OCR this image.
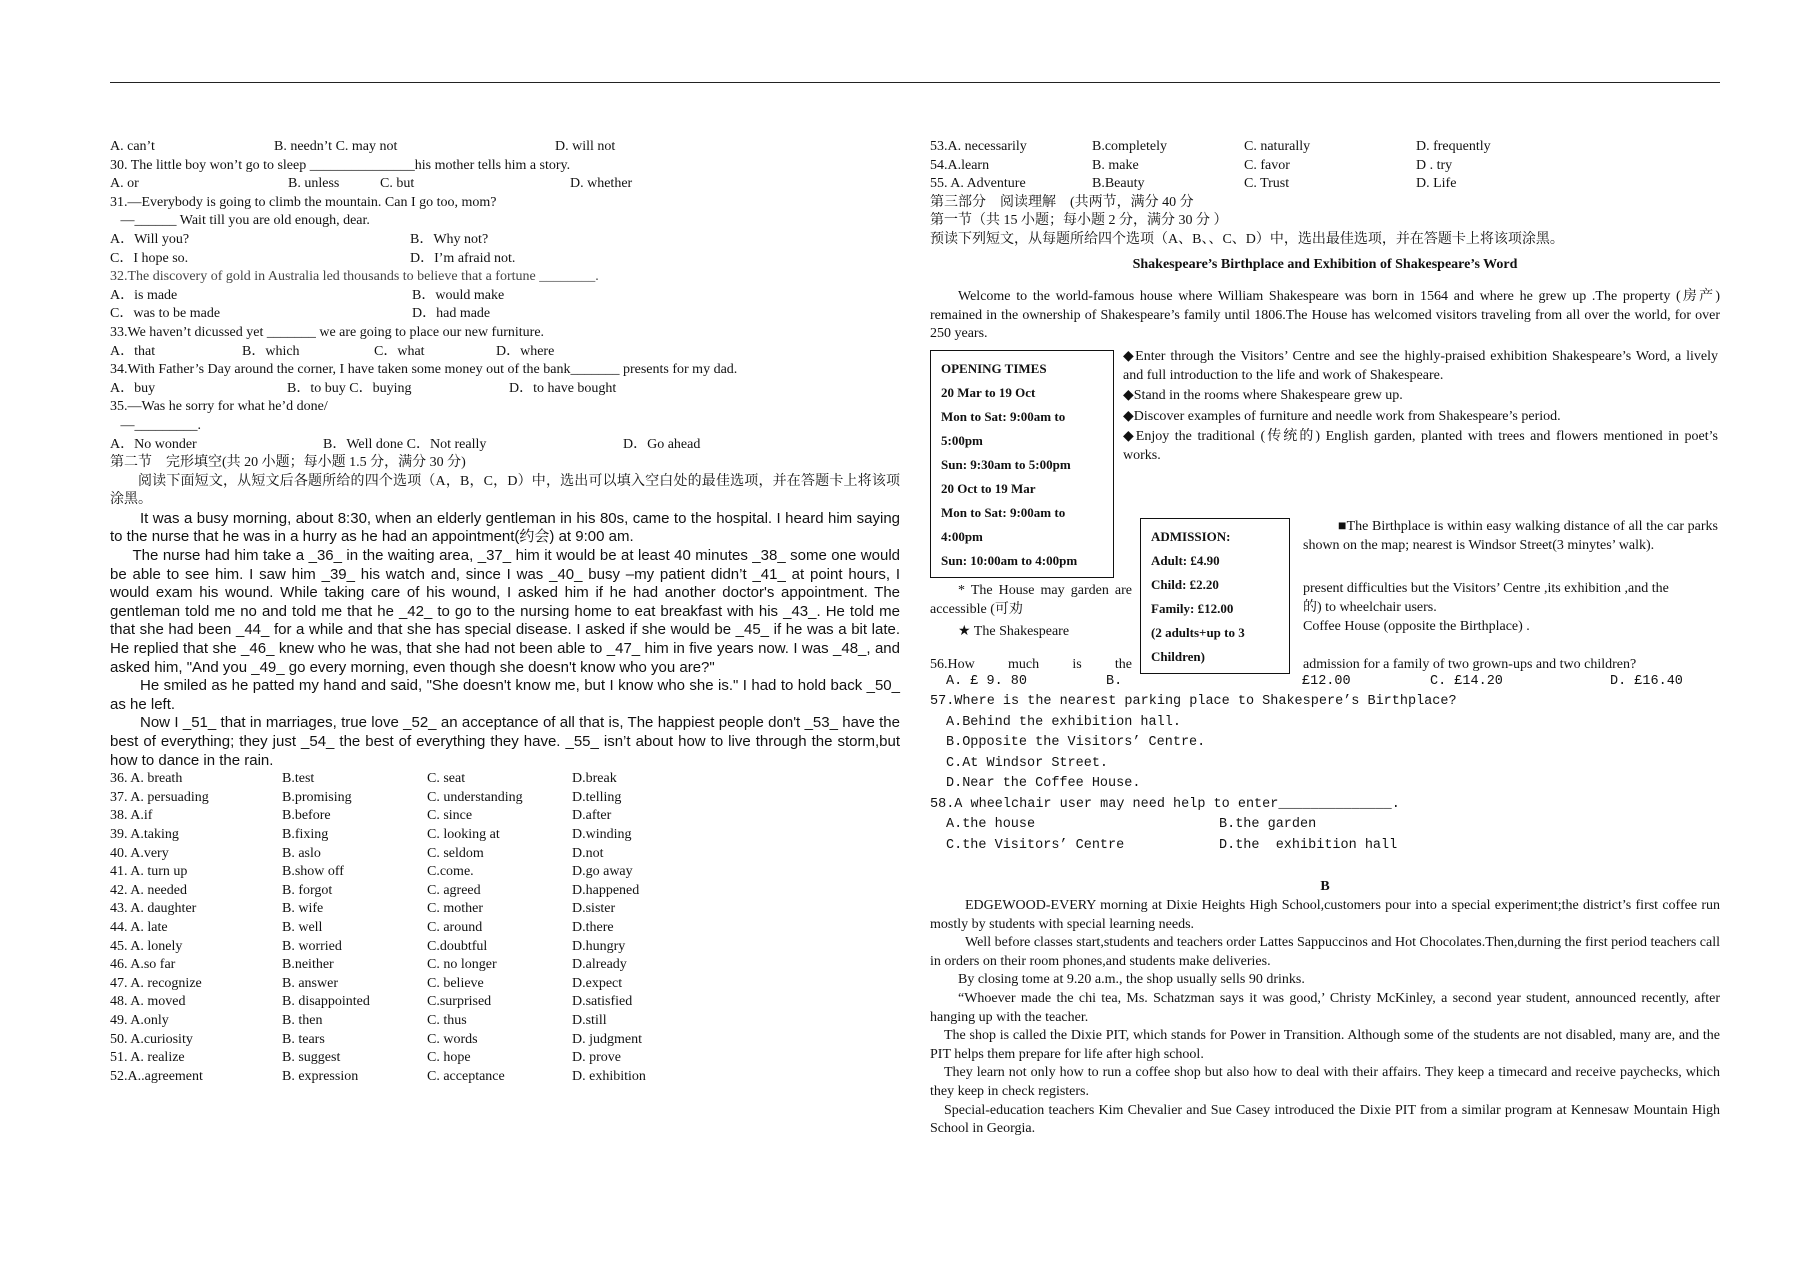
A. can’t	B. needn’t C. may not	D. will not
30. The little boy won’t go to sleep _______________his mother tells him a story.
A. or	B. unless	C. but	D. whether
31.—Everybody is going to climb the mountain. Can I go too, mom?
—______ Wait till you are old enough, dear.
A．Will you?	B．Why not?
C．I hope so.	D．I’m afraid not.
32.The discovery of gold in Australia led thousands to believe that a fortune ________.
A．is made	B．would make
C．was to be made	D．had made
33.We haven’t dicussed yet _______ we are going to place our new furniture.
A．that	B．which	C．what	D．where
34.With Father’s Day around the corner, I have taken some money out of the bank_______ presents for my dad.
A．buy	B．to buy C．buying	D．to have bought
35.—Was he sorry for what he’d done/
—_________.
A．No wonder	B．Well done C．Not really	D．Go ahead
第二节　完形填空(共 20 小题；每小题 1.5 分，满分 30 分)
阅读下面短文，从短文后各题所给的四个选项（A，B，C，D）中，选出可以填入空白处的最佳选项，并在答题卡上将该项涂黑。
It was a busy morning, about 8:30, when an elderly gentleman in his 80s, came to the hospital. I heard him saying to the nurse that he was in a hurry as he had an appointment(约会) at 9:00 am.
The nurse had him take a _36_ in the waiting area, _37_ him it would be at least 40 minutes _38_ some one would be able to see him. I saw him _39_ his watch and, since I was _40_ busy –my patient didn’t _41_ at point hours, I would exam his wound. While taking care of his wound, I asked him if he had another doctor's appointment. The gentleman told me no and told me that he _42_ to go to the nursing home to eat breakfast with his _43_. He told me that she had been _44_ for a while and that she has special disease. I asked if she would be _45_ if he was a bit late. He replied that she _46_ knew who he was, that she had not been able to _47_ him in five years now. I was _48_, and asked him, "And you _49_ go every morning, even though she doesn't know who you are?"
He smiled as he patted my hand and said, "She doesn't know me, but I know who she is." I had to hold back _50_ as he left.
Now I _51_ that in marriages, true love _52_ an acceptance of all that is, The happiest people don't _53_ have the best of everything; they just _54_ the best of everything they have. _55_ isn’t about how to live through the storm,but how to dance in the rain.
36. A. breath	B.test	C. seat	D.break
37. A. persuading	B.promising	C. understanding	D.telling
38. A.if	B.before	C. since	D.after
39. A.taking	B.fixing	C. looking at	D.winding
40. A.very	B. aslo	C. seldom	D.not
41. A. turn up	B.show off	C.come.	D.go away
42. A. needed	B. forgot	C. agreed	D.happened
43. A. daughter	B. wife	C. mother	D.sister
44. A. late	B. well	C. around	D.there
45. A. lonely	B. worried	C.doubtful	D.hungry
46. A.so far	B.neither	C. no longer	D.already
47. A. recognize	B. answer	C. believe	D.expect
48. A. moved	B. disappointed	C.surprised	D.satisfied
49. A.only	B. then	C. thus	D.still
50. A.curiosity	B. tears	C. words	D. judgment
51. A. realize	B. suggest	C. hope	D. prove
52.A..agreement	B. expression	C. acceptance	D. exhibition
53.A. necessarily	B.completely	C. naturally	D. frequently
54.A.learn	B. make	C. favor	D . try
55. A. Adventure	B.Beauty	C. Trust	D. Life
第三部分　阅读理解　(共两节，满分 40 分
第一节（共 15 小题；每小题 2 分，满分 30 分 ）
预读下列短文，从每题所给四个选项（A、B、、C、D）中，选出最佳选项，并在答题卡上将该项涂黑。
Shakespeare’s Birthplace and Exhibition of Shakespeare’s Word
Welcome to the world-famous house where William Shakespeare was born in 1564 and where he grew up .The property (房产) remained in the ownership of Shakespeare’s family until 1806.The House has welcomed visitors traveling from all over the world, for over 250 years.
OPENING TIMES
20 Mar to 19 Oct
Mon to Sat: 9:00am to
5:00pm
Sun: 9:30am to 5:00pm
20 Oct to 19 Mar
Mon to Sat: 9:00am to
4:00pm
Sun: 10:00am to 4:00pm
◆Enter through the Visitors’ Centre and see the highly-praised exhibition Shakespeare’s Word, a lively and full introduction to the life and work of Shakespeare.
◆Stand in the rooms where Shakespeare grew up.
◆Discover examples of furniture and needle work from Shakespeare’s period.
◆Enjoy the traditional (传统的) English garden, planted with trees and flowers mentioned in poet’s works.
ADMISSION:
Adult: £4.90
Child: £2.20
Family: £12.00
(2 adults+up to 3
Children)
■The Birthplace is within easy walking distance of all the car parks shown on the map; nearest is Windsor Street(3 minytes’ walk).
present difficulties but the Visitors’ Centre ,its exhibition ,and the
的) to wheelchair users.
Coffee House (opposite the Birthplace) .
* The House may garden are accessible (可劝
★ The Shakespeare
56.How much is the	admission for a family of two grown-ups and two children?
A. £ 9. 80	B.	£12.00	C. £14.20	D. £16.40
57.Where is the nearest parking place to Shakespere’s Birthplace?
A.Behind the exhibition hall.
B.Opposite the Visitors’ Centre.
C.At Windsor Street.
D.Near the Coffee House.
58.A wheelchair user may need help to enter______________.
A.the house	B.the garden
C.the Visitors’ Centre	D.the  exhibition hall
B
EDGEWOOD-EVERY morning at Dixie Heights High School,customers pour into a special experiment;the district’s first coffee run mostly by students with special learning needs.
Well before classes start,students and teachers order Lattes Sappuccinos and Hot Chocolates.Then,durning the first period teachers call in orders on their room phones,and students make deliveries.
By closing tome at 9.20 a.m., the shop usually sells 90 drinks.
“Whoever made the chi tea, Ms. Schatzman says it was good,’ Christy McKinley, a second year student, announced recently, after hanging up with the teacher.
The shop is called the Dixie PIT, which stands for Power in Transition. Although some of the students are not disabled, many are, and the PIT helps them prepare for life after high school.
They learn not only how to run a coffee shop but also how to deal with their affairs. They keep a timecard and receive paychecks, which they keep in check registers.
Special-education teachers Kim Chevalier and Sue Casey introduced the Dixie PIT from a similar program at Kennesaw Mountain High School in Georgia.
